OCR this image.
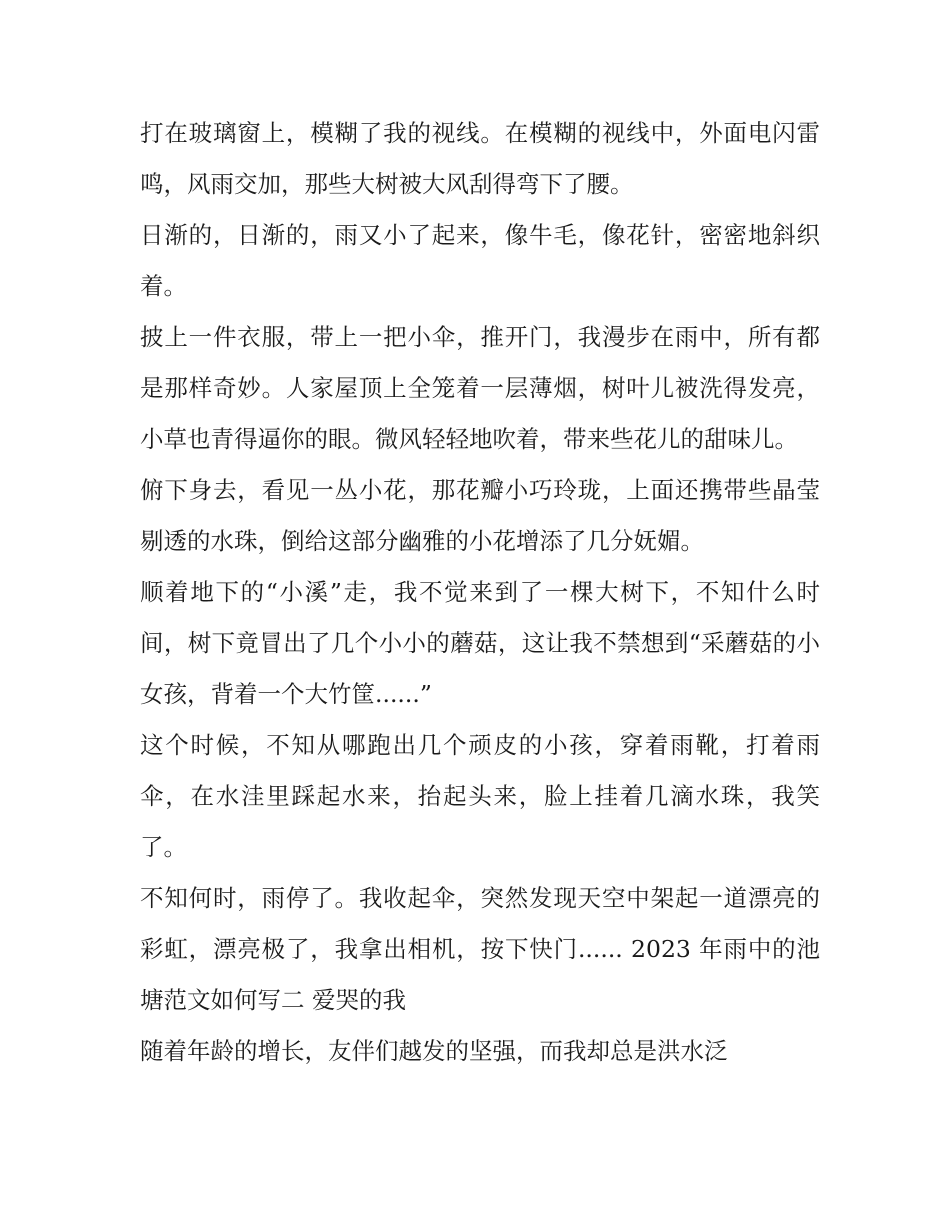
打在玻璃窗上，模糊了我的视线。在模糊的视线中，外面电闪雷鸣，风雨交加，那些大树被大风刮得弯下了腰。

日渐的，日渐的，雨又小了起来，像牛毛，像花针，密密地斜织着。

披上一件衣服，带上一把小伞，推开门，我漫步在雨中，所有都是那样奇妙。人家屋顶上全笼着一层薄烟，树叶儿被洗得发亮，小草也青得逼你的眼。微风轻轻地吹着，带来些花儿的甜味儿。

俯下身去，看见一丛小花，那花瓣小巧玲珑，上面还携带些晶莹剔透的水珠，倒给这部分幽雅的小花增添了几分妩媚。

顺着地下的“小溪”走，我不觉来到了一棵大树下，不知什么时间，树下竟冒出了几个小小的蘑菇，这让我不禁想到“采蘑菇的小女孩，背着一个大竹筐......”

这个时候，不知从哪跑出几个顽皮的小孩，穿着雨靴，打着雨伞，在水洼里踩起水来，抬起头来，脸上挂着几滴水珠，我笑了。

不知何时，雨停了。我收起伞，突然发现天空中架起一道漂亮的彩虹，漂亮极了，我拿出相机，按下快门...... 2023 年雨中的池塘范文如何写二 爱哭的我

随着年龄的增长，友伴们越发的坚强，而我却总是洪水泛
